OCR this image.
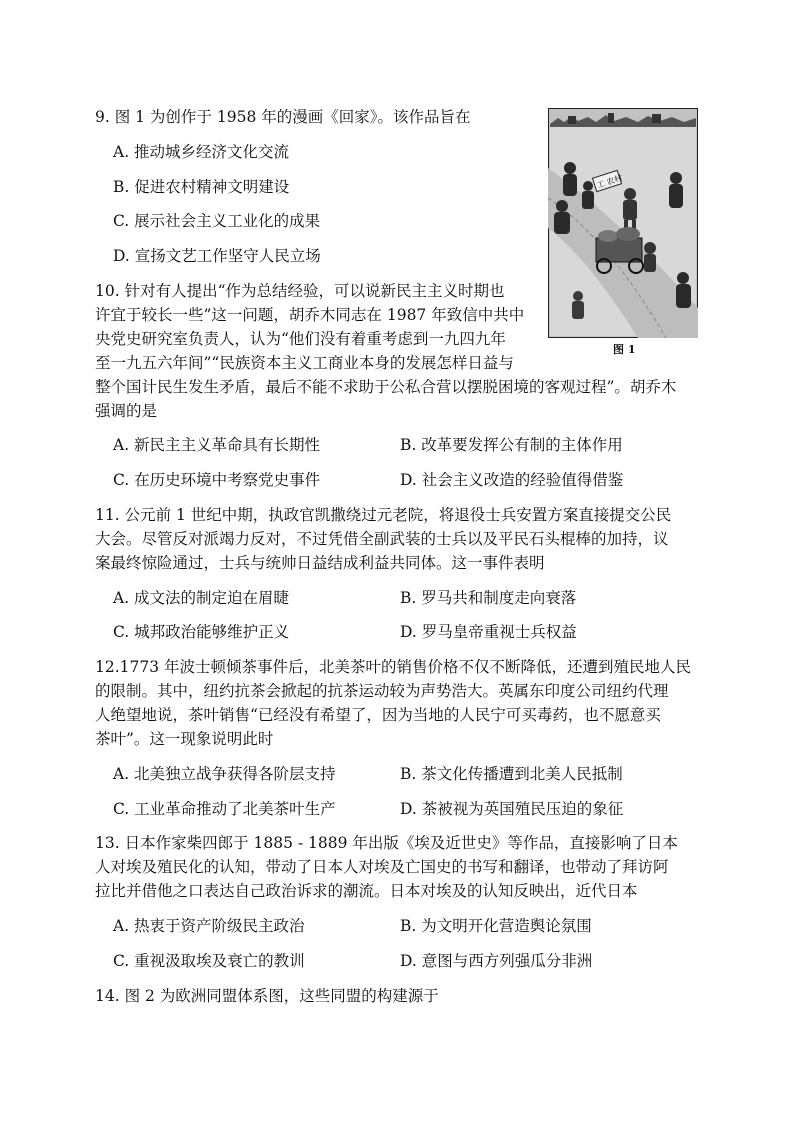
9. 图 1 为创作于 1958 年的漫画《回家》。该作品旨在
A. 推动城乡经济文化交流
B. 促进农村精神文明建设
C. 展示社会主义工业化的成果
D. 宣扬文艺工作坚守人民立场
工 农村
图 1
10. 针对有人提出“作为总结经验，可以说新民主主义时期也
许宜于较长一些”这一问题，胡乔木同志在 1987 年致信中共中
央党史研究室负责人，认为“他们没有着重考虑到一九四九年
至一九五六年间”“民族资本主义工商业本身的发展怎样日益与
整个国计民生发生矛盾，最后不能不求助于公私合营以摆脱困境的客观过程”。胡乔木
强调的是
A. 新民主主义革命具有长期性	B. 改革要发挥公有制的主体作用
C. 在历史环境中考察党史事件	D. 社会主义改造的经验值得借鉴
11. 公元前 1 世纪中期，执政官凯撒绕过元老院，将退役士兵安置方案直接提交公民
大会。尽管反对派竭力反对，不过凭借全副武装的士兵以及平民石头棍棒的加持，议
案最终惊险通过，士兵与统帅日益结成利益共同体。这一事件表明
A. 成文法的制定迫在眉睫	B. 罗马共和制度走向衰落
C. 城邦政治能够维护正义	D. 罗马皇帝重视士兵权益
12.1773 年波士顿倾茶事件后，北美茶叶的销售价格不仅不断降低，还遭到殖民地人民
的限制。其中，纽约抗茶会掀起的抗茶运动较为声势浩大。英属东印度公司纽约代理
人绝望地说，茶叶销售“已经没有希望了，因为当地的人民宁可买毒药，也不愿意买
茶叶”。这一现象说明此时
A. 北美独立战争获得各阶层支持	B. 茶文化传播遭到北美人民抵制
C. 工业革命推动了北美茶叶生产	D. 茶被视为英国殖民压迫的象征
13. 日本作家柴四郎于 1885 - 1889 年出版《埃及近世史》等作品，直接影响了日本
人对埃及殖民化的认知，带动了日本人对埃及亡国史的书写和翻译，也带动了拜访阿
拉比并借他之口表达自己政治诉求的潮流。日本对埃及的认知反映出，近代日本
A. 热衷于资产阶级民主政治	B. 为文明开化营造舆论氛围
C. 重视汲取埃及衰亡的教训	D. 意图与西方列强瓜分非洲
14. 图 2 为欧洲同盟体系图，这些同盟的构建源于
